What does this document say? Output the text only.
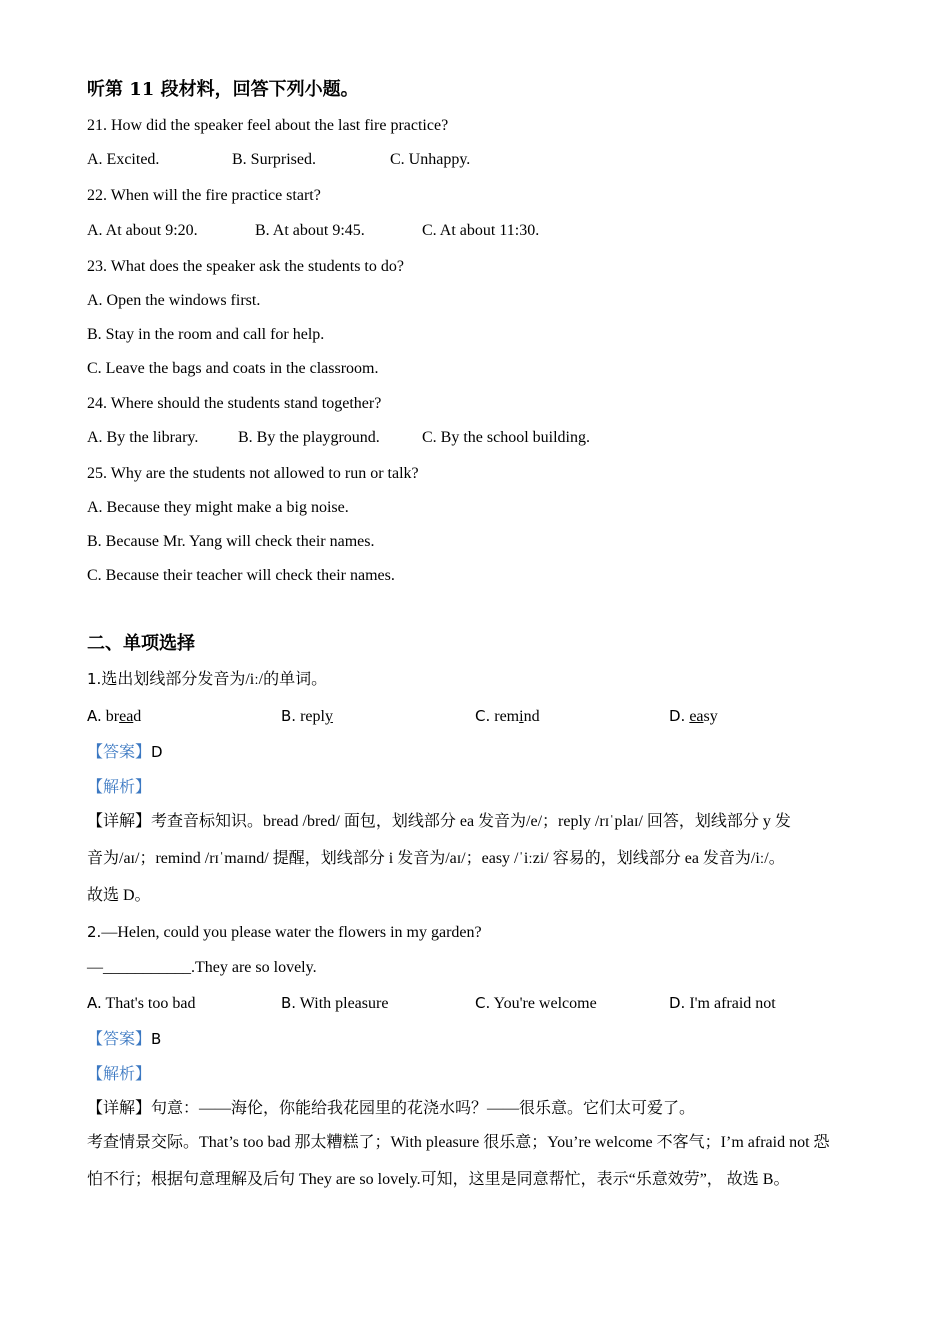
听第 11 段材料，回答下列小题。
21. How did the speaker feel about the last fire practice?
A. Excited.	B. Surprised.	C. Unhappy.
22. When will the fire practice start?
A. At about 9:20.	B. At about 9:45.	C. At about 11:30.
23. What does the speaker ask the students to do?
A. Open the windows first.
B. Stay in the room and call for help.
C. Leave the bags and coats in the classroom.
24. Where should the students stand together?
A. By the library. B. By the playground.	C. By the school building.
25. Why are the students not allowed to run or talk?
A. Because they might make a big noise.
B. Because Mr. Yang will check their names.
C. Because their teacher will check their names.
二、单项选择
1.选出划线部分发音为/iː/的单词。
A. bread	B. reply	C. remind	D. easy
【答案】D
【解析】
【详解】考查音标知识。bread /bred/ 面包，划线部分 ea 发音为/e/；reply /rɪˈplaɪ/ 回答，划线部分 y 发
音为/aɪ/；remind /rɪˈmaɪnd/ 提醒，划线部分 i 发音为/aɪ/；easy /ˈiːzi/ 容易的，划线部分 ea 发音为/iː/。
故选 D。
2.—Helen, could you please water the flowers in my garden?
—___________.They are so lovely.
A. That's too bad	B. With pleasure	C. You're welcome	D. I'm afraid not
【答案】B
【解析】
【详解】句意：——海伦，你能给我花园里的花浇水吗？——很乐意。它们太可爱了。
考查情景交际。That’s too bad 那太糟糕了；With pleasure 很乐意；You’re welcome 不客气；I’m afraid not 恐
怕不行；根据句意理解及后句 They are so lovely.可知，这里是同意帮忙，表示“乐意效劳”， 故选 B。
